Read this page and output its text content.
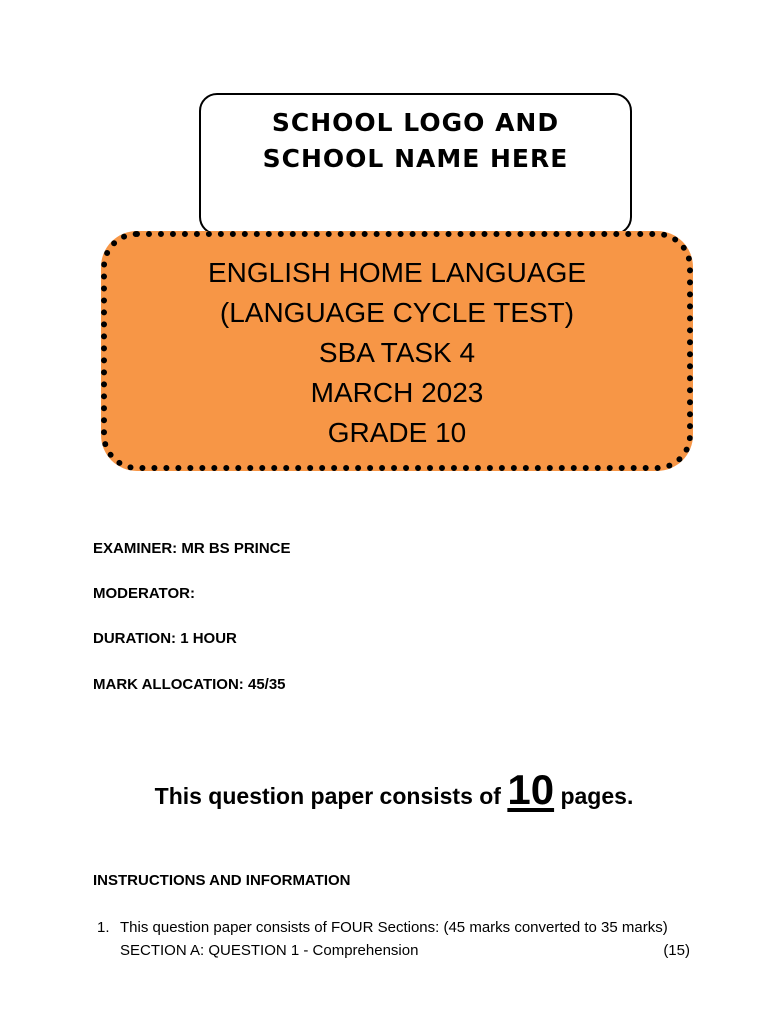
SCHOOL LOGO AND
SCHOOL NAME HERE
ENGLISH HOME LANGUAGE
(LANGUAGE CYCLE TEST)
SBA TASK 4
MARCH 2023
GRADE 10
EXAMINER: MR BS PRINCE
MODERATOR:
DURATION: 1 HOUR
MARK ALLOCATION: 45/35
This question paper consists of 10 pages.
INSTRUCTIONS AND INFORMATION
1. This question paper consists of FOUR Sections: (45 marks converted to 35 marks)
SECTION A: QUESTION 1 - Comprehension	(15)
